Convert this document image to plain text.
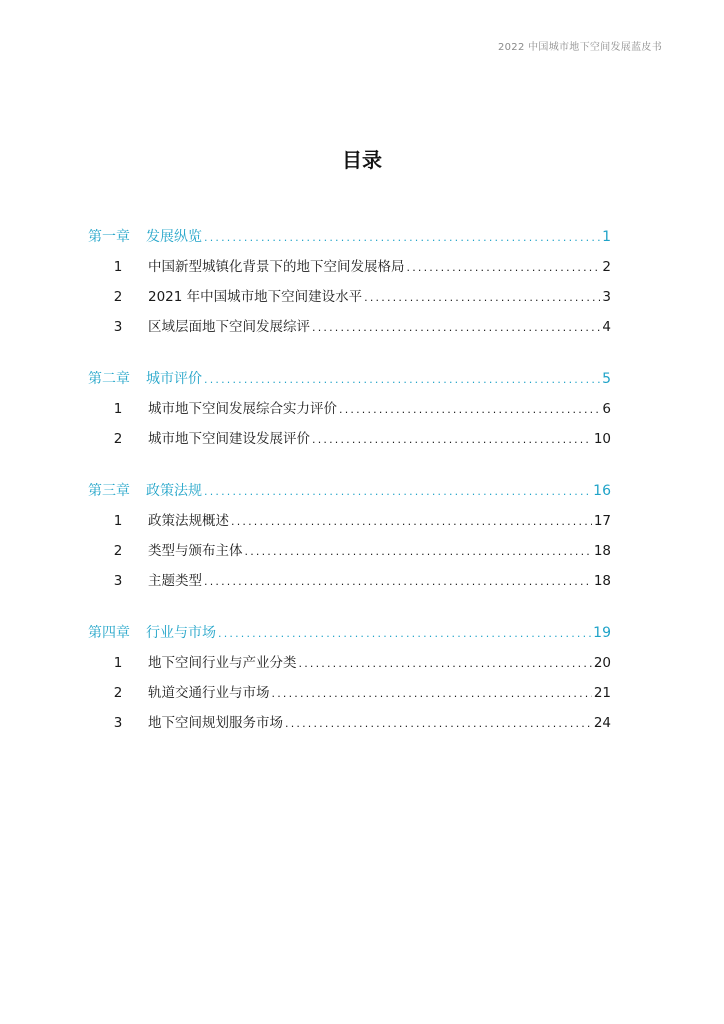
2022 中国城市地下空间发展蓝皮书
目录
第一章	发展纵览 .....	1
1	中国新型城镇化背景下的地下空间发展格局 .....	2
2	2021 年中国城市地下空间建设水平 .....	3
3	区域层面地下空间发展综评 .....	4
第二章	城市评价 .....	5
1	城市地下空间发展综合实力评价 .....	6
2	城市地下空间建设发展评价 .....	10
第三章	政策法规 .....	16
1	政策法规概述 .....	17
2	类型与颁布主体 .....	18
3	主题类型 .....	18
第四章	行业与市场 .....	19
1	地下空间行业与产业分类 .....	20
2	轨道交通行业与市场 .....	21
3	地下空间规划服务市场 .....	24
